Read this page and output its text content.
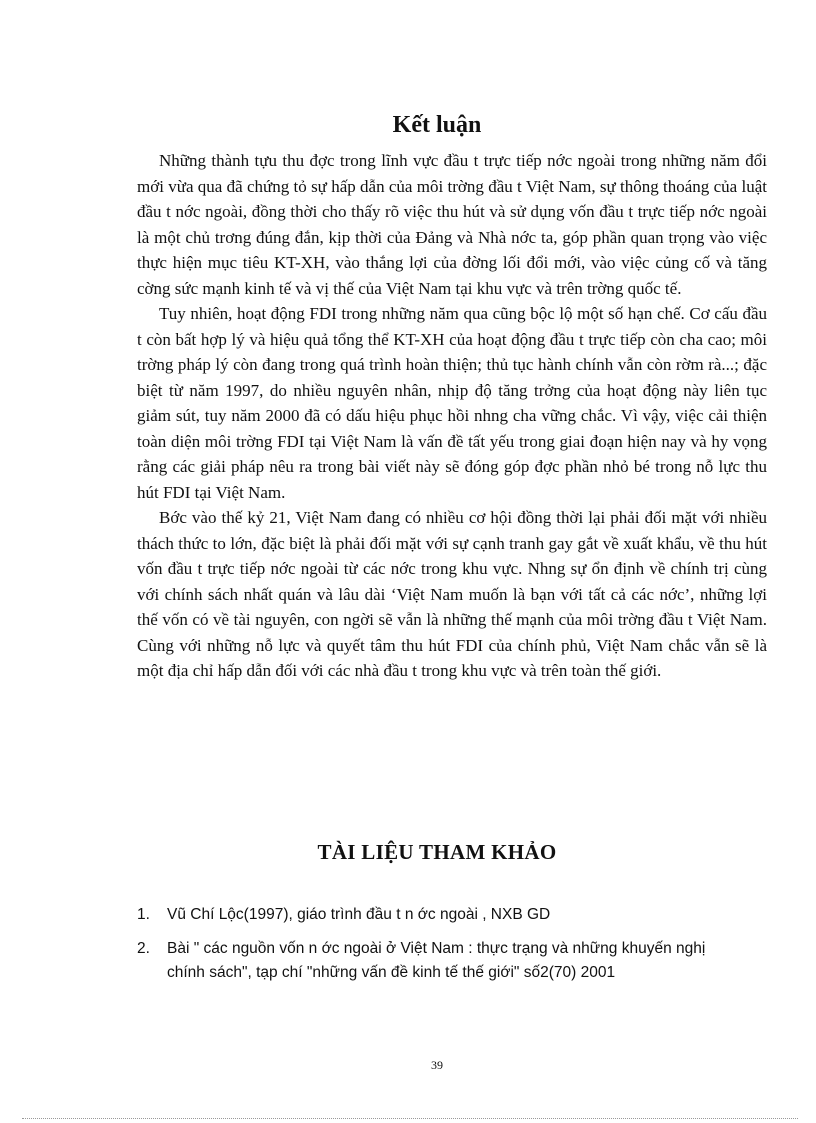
Kết luận

Những thành tựu thu đợc trong lĩnh vực đầu t trực tiếp nớc ngoài trong những năm đổi mới vừa qua đã chứng tỏ sự hấp dẫn của môi trờng đầu t Việt Nam, sự thông thoáng của luật đầu t nớc ngoài, đồng thời cho thấy rõ việc thu hút và sử dụng vốn đầu t trực tiếp nớc ngoài là một chủ trơng đúng đắn, kịp thời của Đảng và Nhà nớc ta, góp phần quan trọng vào việc thực hiện mục tiêu KT-XH, vào thắng lợi của đờng lối đổi mới, vào việc củng cố và tăng cờng sức mạnh kinh tế và vị thế của Việt Nam tại khu vực và trên trờng quốc tế.

Tuy nhiên, hoạt động FDI trong những năm qua cũng bộc lộ một số hạn chế. Cơ cấu đầu t còn bất hợp lý và hiệu quả tổng thể KT-XH của hoạt động đầu t trực tiếp còn cha cao; môi trờng pháp lý còn đang trong quá trình hoàn thiện; thủ tục hành chính vẫn còn rờm rà...; đặc biệt từ năm 1997, do nhiều nguyên nhân, nhịp độ tăng trởng của hoạt động này liên tục giảm sút, tuy năm 2000 đã có dấu hiệu phục hồi nhng cha vững chắc. Vì vậy, việc cải thiện toàn diện môi trờng FDI tại Việt Nam là vấn đề tất yếu trong giai đoạn hiện nay và hy vọng rằng các giải pháp nêu ra trong bài viết này sẽ đóng góp đợc phần nhỏ bé trong nỗ lực thu hút FDI tại Việt Nam.

Bớc vào thế kỷ 21, Việt Nam đang có nhiều cơ hội đồng thời lại phải đối mặt với nhiều thách thức to lớn, đặc biệt là phải đối mặt với sự cạnh tranh gay gắt về xuất khẩu, về thu hút vốn đầu t trực tiếp nớc ngoài từ các nớc trong khu vực. Nhng sự ổn định về chính trị cùng với chính sách nhất quán và lâu dài ‘Việt Nam muốn là bạn với tất cả các nớc’, những lợi thế vốn có về tài nguyên, con ngời sẽ vẫn là những thế mạnh của môi trờng đầu t Việt Nam. Cùng với những nỗ lực và quyết tâm thu hút FDI của chính phủ, Việt Nam chắc vẫn sẽ là một địa chỉ hấp dẫn đối với các nhà đầu t trong khu vực và trên toàn thế giới.

TÀI LIỆU THAM KHẢO
1. Vũ Chí Lộc(1997), giáo trình đầu t n ớc ngoài , NXB GD
2. Bài " các nguồn vốn n ớc ngoài ở Việt Nam : thực trạng và những khuyến nghị chính sách", tạp chí "những vấn đề kinh tế thế giới" số2(70) 2001
39
